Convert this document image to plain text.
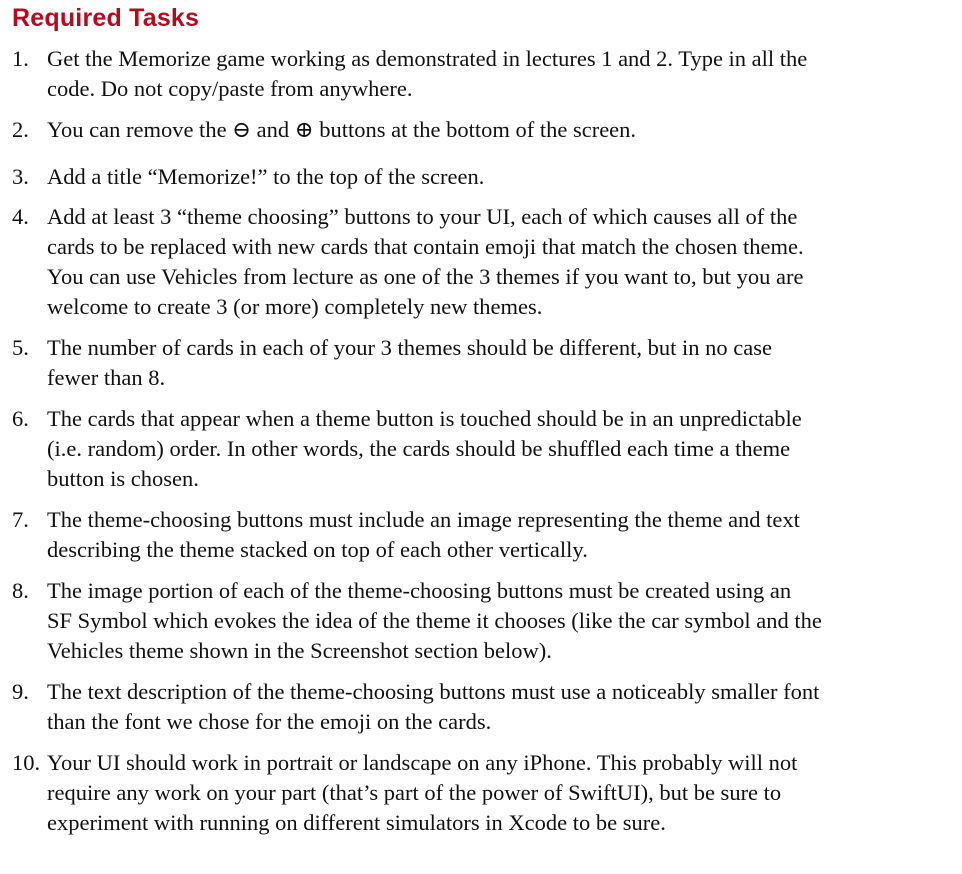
Required Tasks
1. Get the Memorize game working as demonstrated in lectures 1 and 2. Type in all the
code. Do not copy/paste from anywhere.
2. You can remove the ⊖ and ⊕ buttons at the bottom of the screen.
3. Add a title “Memorize!” to the top of the screen.
4. Add at least 3 “theme choosing” buttons to your UI, each of which causes all of the
cards to be replaced with new cards that contain emoji that match the chosen theme.
You can use Vehicles from lecture as one of the 3 themes if you want to, but you are
welcome to create 3 (or more) completely new themes.
5. The number of cards in each of your 3 themes should be different, but in no case
fewer than 8.
6. The cards that appear when a theme button is touched should be in an unpredictable
(i.e. random) order. In other words, the cards should be shuffled each time a theme
button is chosen.
7. The theme-choosing buttons must include an image representing the theme and text
describing the theme stacked on top of each other vertically.
8. The image portion of each of the theme-choosing buttons must be created using an
SF Symbol which evokes the idea of the theme it chooses (like the car symbol and the
Vehicles theme shown in the Screenshot section below).
9. The text description of the theme-choosing buttons must use a noticeably smaller font
than the font we chose for the emoji on the cards.
10. Your UI should work in portrait or landscape on any iPhone. This probably will not
require any work on your part (that’s part of the power of SwiftUI), but be sure to
experiment with running on different simulators in Xcode to be sure.
